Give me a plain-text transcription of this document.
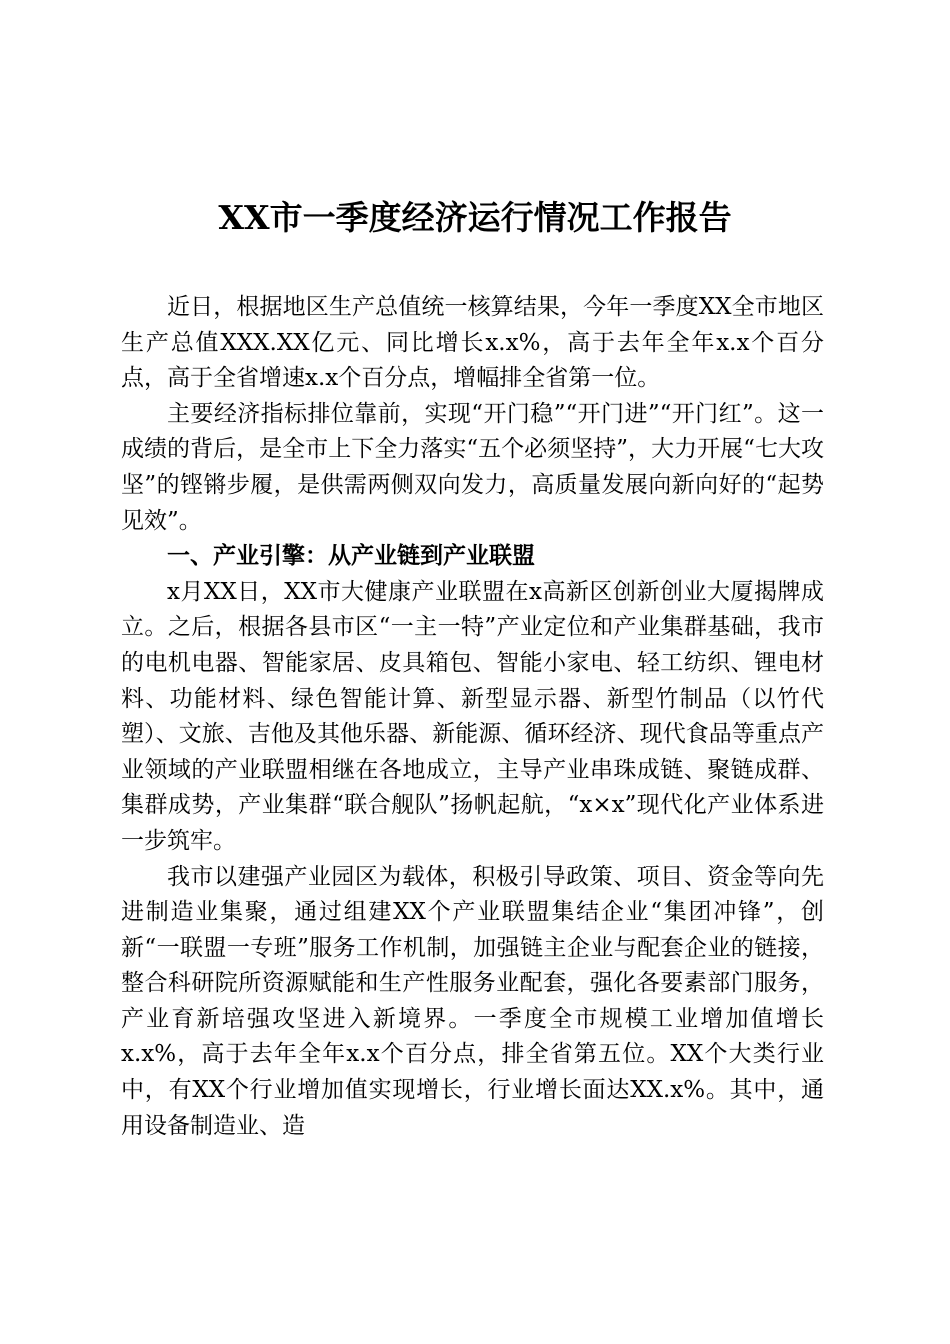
XX市一季度经济运行情况工作报告

近日，根据地区生产总值统一核算结果，今年一季度XX全市地区生产总值XXX.XX亿元、同比增长x.x%，高于去年全年x.x个百分点，高于全省增速x.x个百分点，增幅排全省第一位。

主要经济指标排位靠前，实现“开门稳”“开门进”“开门红”。这一成绩的背后，是全市上下全力落实“五个必须坚持”，大力开展“七大攻坚”的铿锵步履，是供需两侧双向发力，高质量发展向新向好的“起势见效”。

一、产业引擎：从产业链到产业联盟

x月XX日，XX市大健康产业联盟在x高新区创新创业大厦揭牌成立。之后，根据各县市区“一主一特”产业定位和产业集群基础，我市的电机电器、智能家居、皮具箱包、智能小家电、轻工纺织、锂电材料、功能材料、绿色智能计算、新型显示器、新型竹制品（以竹代塑）、文旅、吉他及其他乐器、新能源、循环经济、现代食品等重点产业领域的产业联盟相继在各地成立，主导产业串珠成链、聚链成群、集群成势，产业集群“联合舰队”扬帆起航，“x×x”现代化产业体系进一步筑牢。

我市以建强产业园区为载体，积极引导政策、项目、资金等向先进制造业集聚，通过组建XX个产业联盟集结企业“集团冲锋”，创新“一联盟一专班”服务工作机制，加强链主企业与配套企业的链接，整合科研院所资源赋能和生产性服务业配套，强化各要素部门服务，产业育新培强攻坚进入新境界。一季度全市规模工业增加值增长x.x%，高于去年全年x.x个百分点，排全省第五位。XX个大类行业中，有XX个行业增加值实现增长，行业增长面达XX.x%。其中，通用设备制造业、造
